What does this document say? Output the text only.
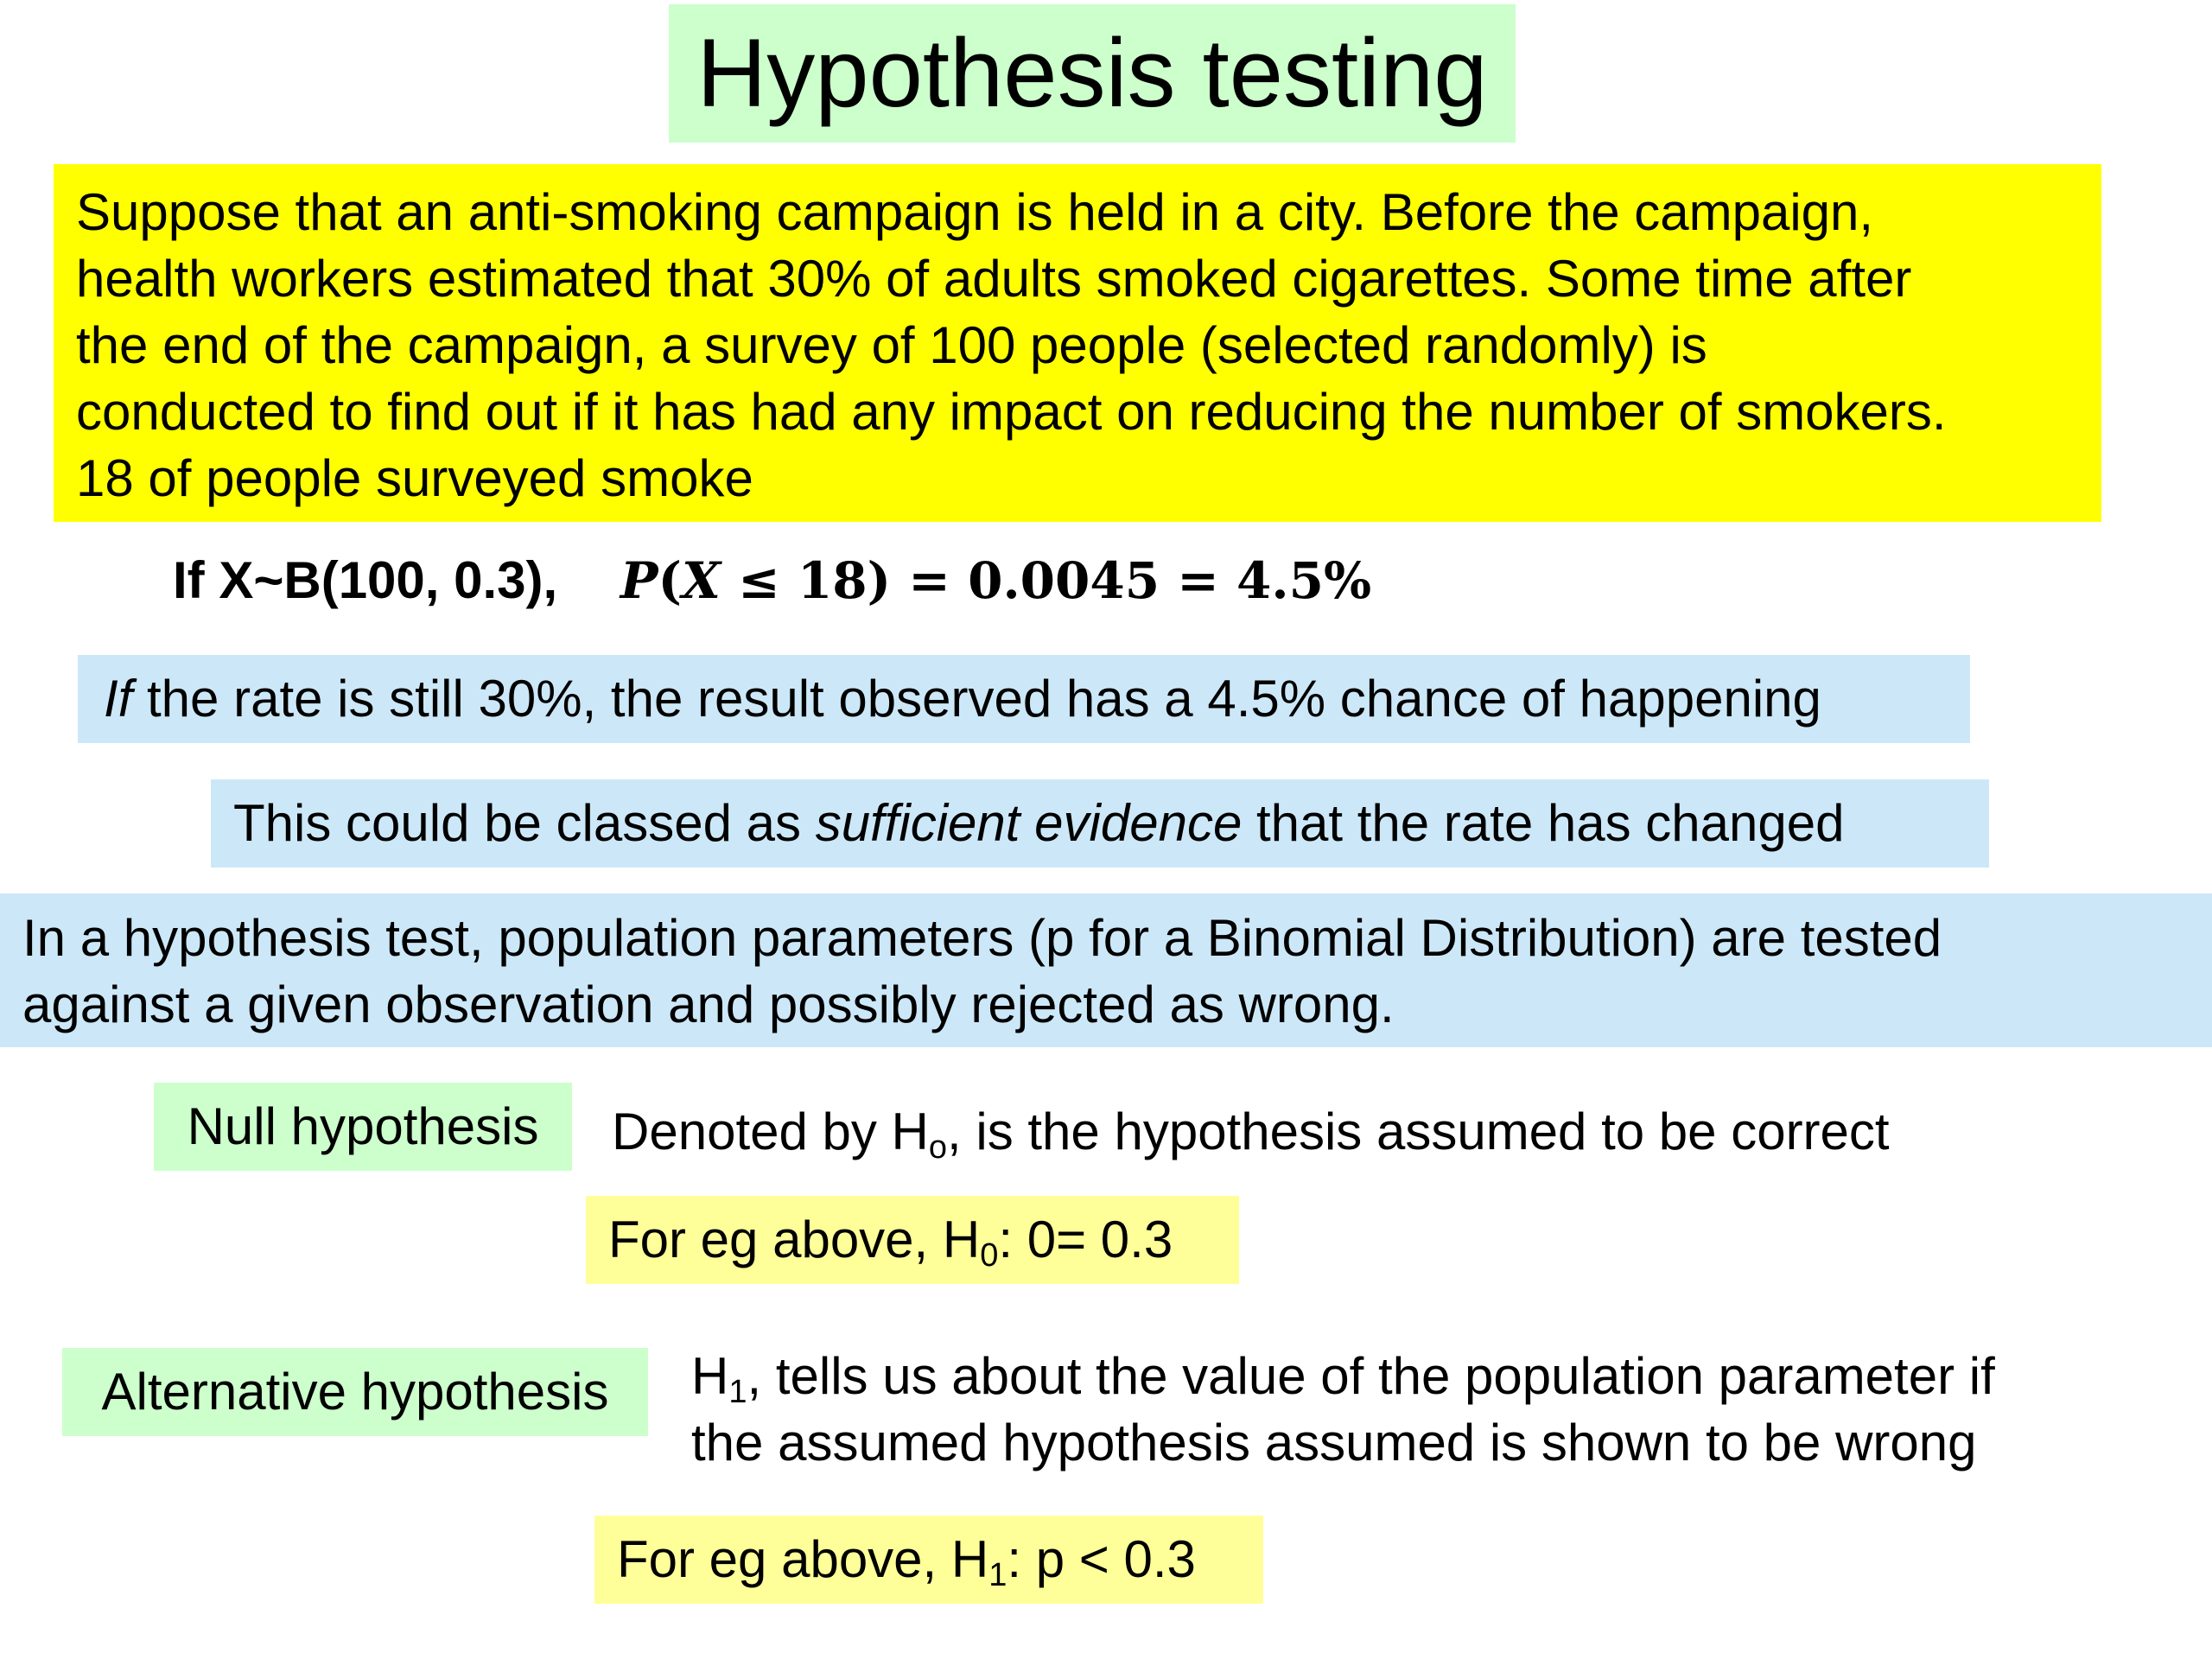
Hypothesis testing
Suppose that an anti-smoking campaign is held in a city. Before the campaign,
health workers estimated that 30% of adults smoked cigarettes. Some time after
the end of the campaign, a survey of 100 people (selected randomly) is
conducted to find out if it has had any impact on reducing the number of smokers.
18 of people surveyed smoke
If X~B(100, 0.3), P(X ≤ 18) = 0.0045 = 4.5%
If the rate is still 30%, the result observed has a 4.5% chance of happening
This could be classed as sufficient evidence that the rate has changed
In a hypothesis test, population parameters (p for a Binomial Distribution) are tested
against a given observation and possibly rejected as wrong.
Null hypothesis	Denoted by $H_o$, is the hypothesis assumed to be correct
For eg above, $H_0$: 0= 0.3
Alternative hypothesis	$H_1$, tells us about the value of the population parameter if
the assumed hypothesis assumed is shown to be wrong
For eg above, $H_1$: p < 0.3
